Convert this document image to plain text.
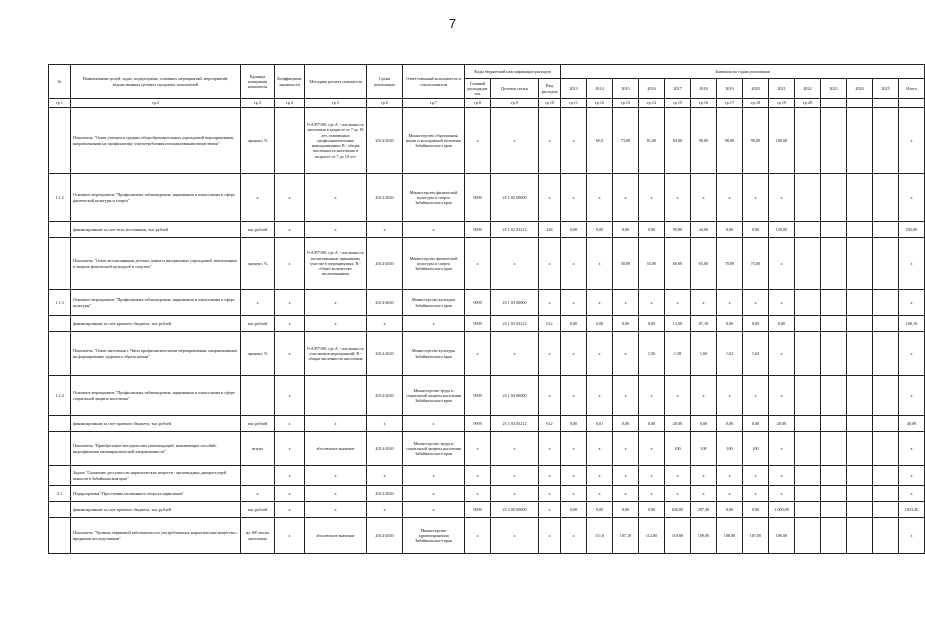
7
№	Наименование целей, задач, подпрограмм, основных мероприятий, мероприятий, ведомственных целевых программ, показателей	Единица измерения показателя	Коэффициент значимости	Методика расчета показателя	Сроки реализации	Ответственный исполнитель и соисполнители	Коды бюджетной классификации расходов			Значения по годам реализации													
							Главный распорядитель	Целевая статья	Вид расходов	2013	2014	2015	2016	2017	2018	2019	2020	2021	2022	2023	2024	2025	Итого
гр.1	гр.2	гр.3	гр.4	гр.5	гр.6	гр.7	гр.8	гр.9	гр.10	гр.11	гр.12	гр.13	гр.14	гр.15	гр.16	гр.17	гр.18	гр.19	гр.20				
	Показатель "Охват учащихся средних общеобразовательных учреждений мероприятиями, направленными на профилактику злоупотребления психоактивными веществами"	процент, %		I=A/B*100, где А - численность населения в возрасте от 7 до 18 лет, охваченных профилактическими мероприятиями; В - общая численность населения в возрасте от 7 до 18 лет	2014-2020	Министерство образования, науки и молодежной политики Забайкальского края	х	х	х	х	65,0	73,00	81,00	84,00	90,00	98,00	99,00	100,00					х
1.1.2	Основное мероприятие "Профилактика табакокурения, наркомании и алкоголизма в сфере физической культуры и спорта"	х	х	х	2014-2020	Министерство физической культуры и спорта Забайкальского края	0909	23 1 02 00000	х	х	х	х	х	х	х	х	х	х					х
	финансирование за счет всех источников, тыс.рублей	тыс.рублей	х	х	х	х	0909	23 1 02 03212	244	0,00	0,00	0,00	0,00	99,80	44,60	0,00	0,00	150,00					293,00
	Показатель "Охват воспитанников детских домов и интернатных учреждений, вовлеченных в занятия физической культурой и спортом"	процент, %	х	I=A/B*100, где А - численность воспитанников, принявших участие в мероприятиях; В - общее количество воспитанников	2014-2020	Министерство физической культуры и спорта Забайкальского края	х	х	х	х	х	50,00	55,00	60,00	65,00	70,00	75,00	х					х
1.1.3	Основное мероприятие "Профилактика табакокурения, наркомании и алкоголизма в сфере культуры"	х	х	х	2014-2020	Министерство культуры Забайкальского края	0909	23 1 03 00000	х	х	х	х	х	х	х	х	х	х					х
	финансирование за счет краевого бюджета, тыс.рублей	тыс.рублей	х	х	х	х	0909	23 1 03 03212	612	0,00	0,00	0,00	0,00	13,00	87,10	0,00	0,00	0,00					100,10
	Показатель "Охват населения г. Читы профилактическими мероприятиями, направленными на формирование здорового образа жизни"	процент, %	х	I=A/B*100, где А - численность участников мероприятий; В - общая численность населения	2014-2020	Министерство культуры Забайкальского края	х	х	х	х	х	х	1,56	1,58	1,60	1,62	1,64	х					х
1.1.4	Основное мероприятие "Профилактика табакокурения, наркомании и алкоголизма в сфере социальной защиты населения"		х		2014-2020	Министерство труда и социальной защиты населения Забайкальского края	0909	23 1 04 00000	х	х	х	х	х	х	х	х	х	х					х
	финансирование за счет краевого бюджета, тыс.рублей	тыс.рублей	х	х	х	х	0909	23 1 04 03212	612	0,00	0,01	0,00	0,00	20,00	0,00	0,00	0,00	20,00					40,09
	Показатель "Приобретение методических рекомендаций, вызывающих пособий, видеофильмов антинаркотической направленности"	штука	х	абсолютное значение	2014-2020	Министерство труда и социальной защиты населения Забайкальского края	х	х	х	х	х	х	х	100	100	100	100	х					х
	Задача "Снижение доступности наркотических веществ - производных дикорастущей конопли в Забайкальском крае"		х	х	х	х	х	х	х	х	х	х	х	х	х	х	х	х					х
2.1	Подпрограмма "Пресечение незаконного оборота наркотиков"	х	х	х	2014-2020	х	х	х	х	х	х	х	х	х	х	х	х	х					х
	финансирование за счет краевого бюджета, тыс.рублей	тыс.рублей	х	х	х	х	0909	23 2 00 00000	х	0,00	0,00	0,00	0,00	656,00	297,40	0,00	0,00	1 000,00					1953,40
	Показатель "Уровень первичной заболеваемости употребляющих наркотические вещества с вредными последствиями"	на 100 тысяч населения	х	абсолютное значение	2014-2020	Министерство здравоохранения Забайкальского края	х	х	х	х	111,6	107,10	112,00	110,00	109,00	108,00	107,00	106,00					х
